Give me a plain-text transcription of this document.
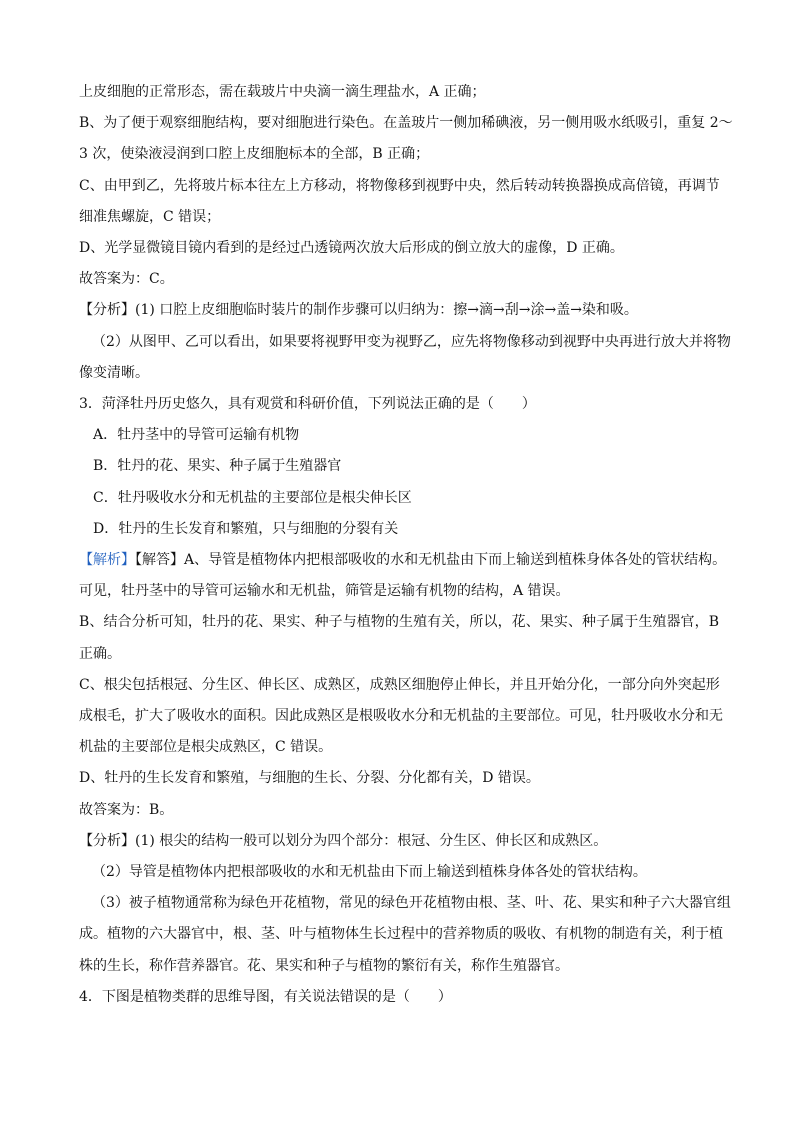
上皮细胞的正常形态，需在载玻片中央滴一滴生理盐水，A 正确；
B、为了便于观察细胞结构，要对细胞进行染色。在盖玻片一侧加稀碘液，另一侧用吸水纸吸引，重复 2～
3 次，使染液浸润到口腔上皮细胞标本的全部，B 正确；
C、由甲到乙，先将玻片标本往左上方移动，将物像移到视野中央，然后转动转换器换成高倍镜，再调节
细准焦螺旋，C 错误；
D、光学显微镜目镜内看到的是经过凸透镜两次放大后形成的倒立放大的虚像，D 正确。
故答案为：C。
【分析】(1) 口腔上皮细胞临时装片的制作步骤可以归纳为：擦→滴→刮→涂→盖→染和吸。
（2）从图甲、乙可以看出，如果要将视野甲变为视野乙，应先将物像移动到视野中央再进行放大并将物
像变清晰。
3．菏泽牡丹历史悠久，具有观赏和科研价值，下列说法正确的是（　　）
A．牡丹茎中的导管可运输有机物
B．牡丹的花、果实、种子属于生殖器官
C．牡丹吸收水分和无机盐的主要部位是根尖伸长区
D．牡丹的生长发育和繁殖，只与细胞的分裂有关
【解析】【解答】A、导管是植物体内把根部吸收的水和无机盐由下而上输送到植株身体各处的管状结构。
可见，牡丹茎中的导管可运输水和无机盐，筛管是运输有机物的结构，A 错误。
B、结合分析可知，牡丹的花、果实、种子与植物的生殖有关，所以，花、果实、种子属于生殖器官，B
正确。
C、根尖包括根冠、分生区、伸长区、成熟区，成熟区细胞停止伸长，并且开始分化，一部分向外突起形
成根毛，扩大了吸收水的面积。因此成熟区是根吸收水分和无机盐的主要部位。可见，牡丹吸收水分和无
机盐的主要部位是根尖成熟区，C 错误。
D、牡丹的生长发育和繁殖，与细胞的生长、分裂、分化都有关，D 错误。
故答案为：B。
【分析】(1) 根尖的结构一般可以划分为四个部分：根冠、分生区、伸长区和成熟区。
（2）导管是植物体内把根部吸收的水和无机盐由下而上输送到植株身体各处的管状结构。
（3）被子植物通常称为绿色开花植物，常见的绿色开花植物由根、茎、叶、花、果实和种子六大器官组
成。植物的六大器官中，根、茎、叶与植物体生长过程中的营养物质的吸收、有机物的制造有关，利于植
株的生长，称作营养器官。花、果实和种子与植物的繁衍有关，称作生殖器官。
4．下图是植物类群的思维导图，有关说法错误的是（　　）
